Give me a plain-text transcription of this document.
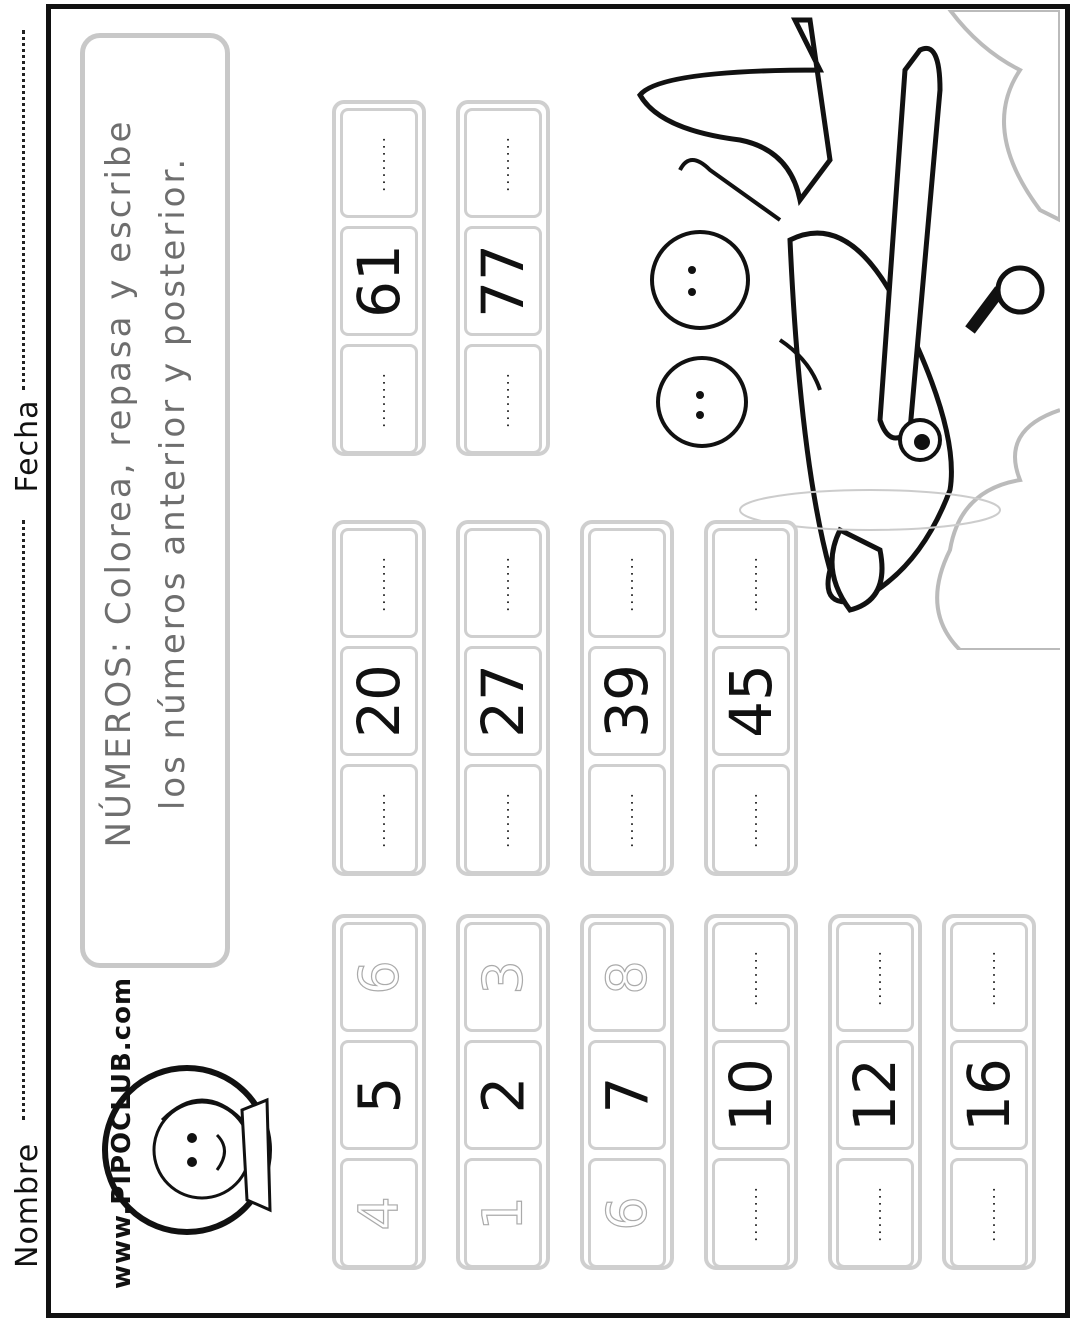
Nombre
Fecha NÚMEROS: Colorea, repasa y escribe los números anterior y posterior.
www.PIPOCLUB.com	6
5
4
3
2
1
8
7
6
........
10
........
........
12
........
........
16
........
........
20
........
........
27
........
........
39
........
........
45
........
........
61
........
........
77
........
